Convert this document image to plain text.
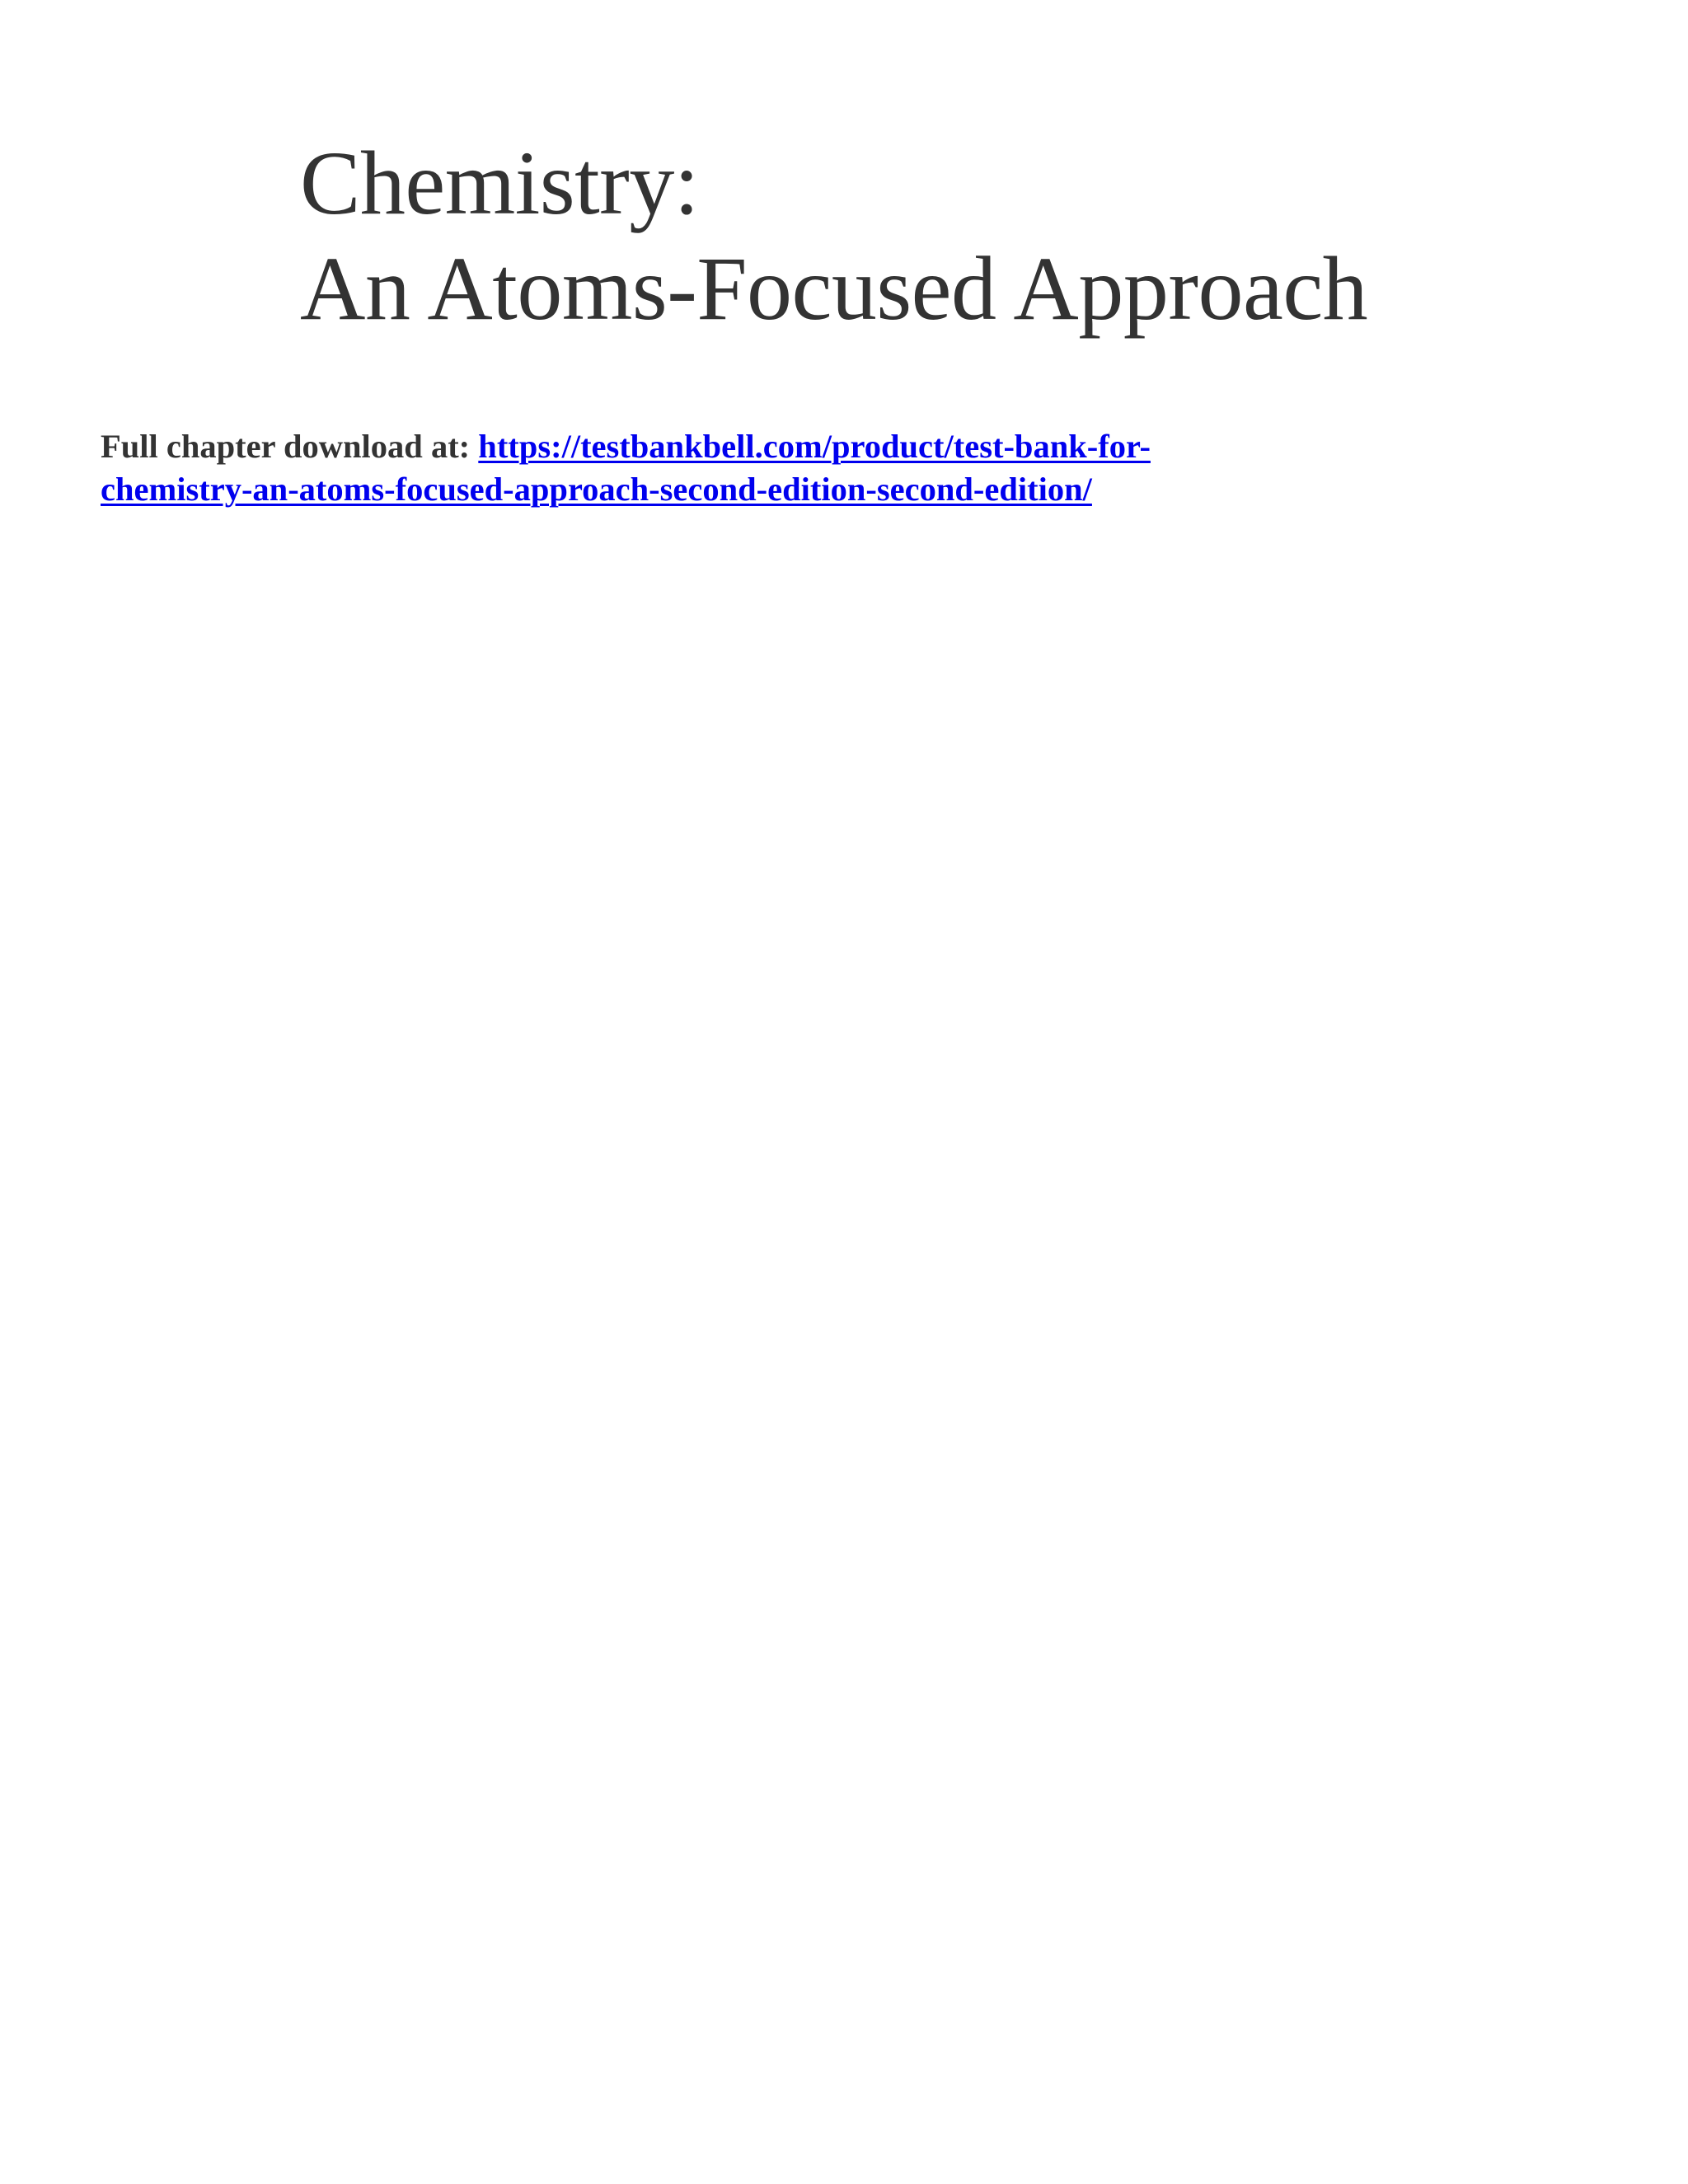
Chemistry:
An Atoms-Focused Approach

Full chapter download at: https://testbankbell.com/product/test-bank-for-
chemistry-an-atoms-focused-approach-second-edition-second-edition/
